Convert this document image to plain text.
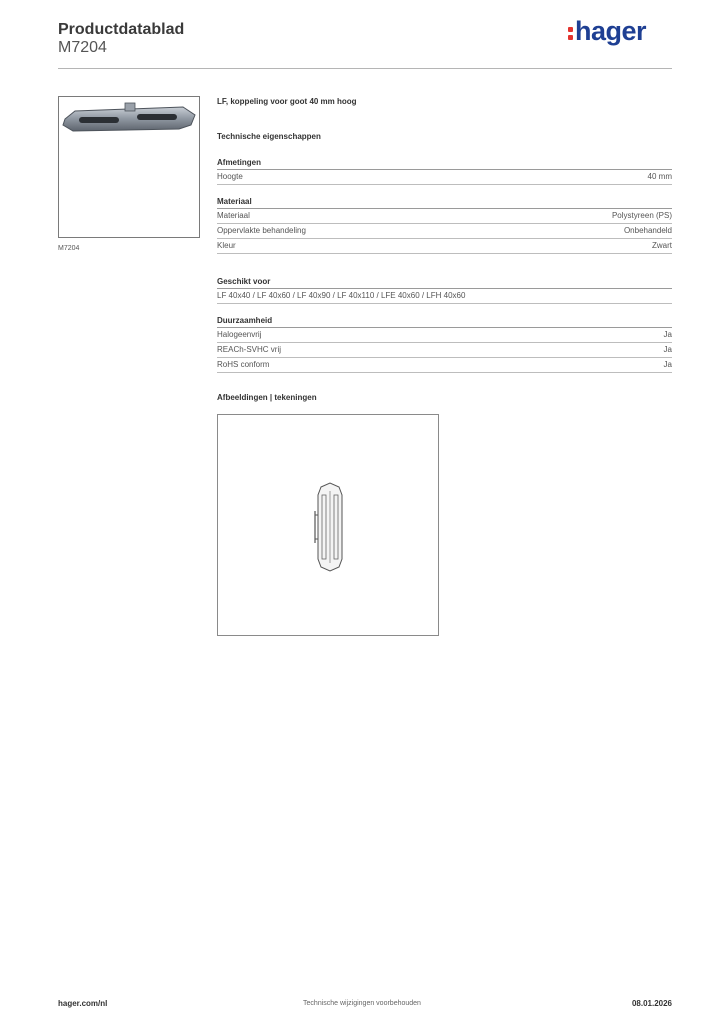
Productdatablad
M7204
hager
M7204
LF, koppeling voor goot 40 mm hoog
Technische eigenschappen
Afmetingen
Hoogte	40 mm
Materiaal
Materiaal	Polystyreen (PS)
Oppervlakte behandeling	Onbehandeld
Kleur	Zwart
Geschikt voor
LF 40x40 / LF 40x60 / LF 40x90 / LF 40x110 / LFE 40x60 / LFH 40x60
Duurzaamheid
Halogeenvrij	Ja
REACh-SVHC vrij	Ja
RoHS conform	Ja
Afbeeldingen | tekeningen
hager.com/nl	Technische wijzigingen voorbehouden	08.01.2026
